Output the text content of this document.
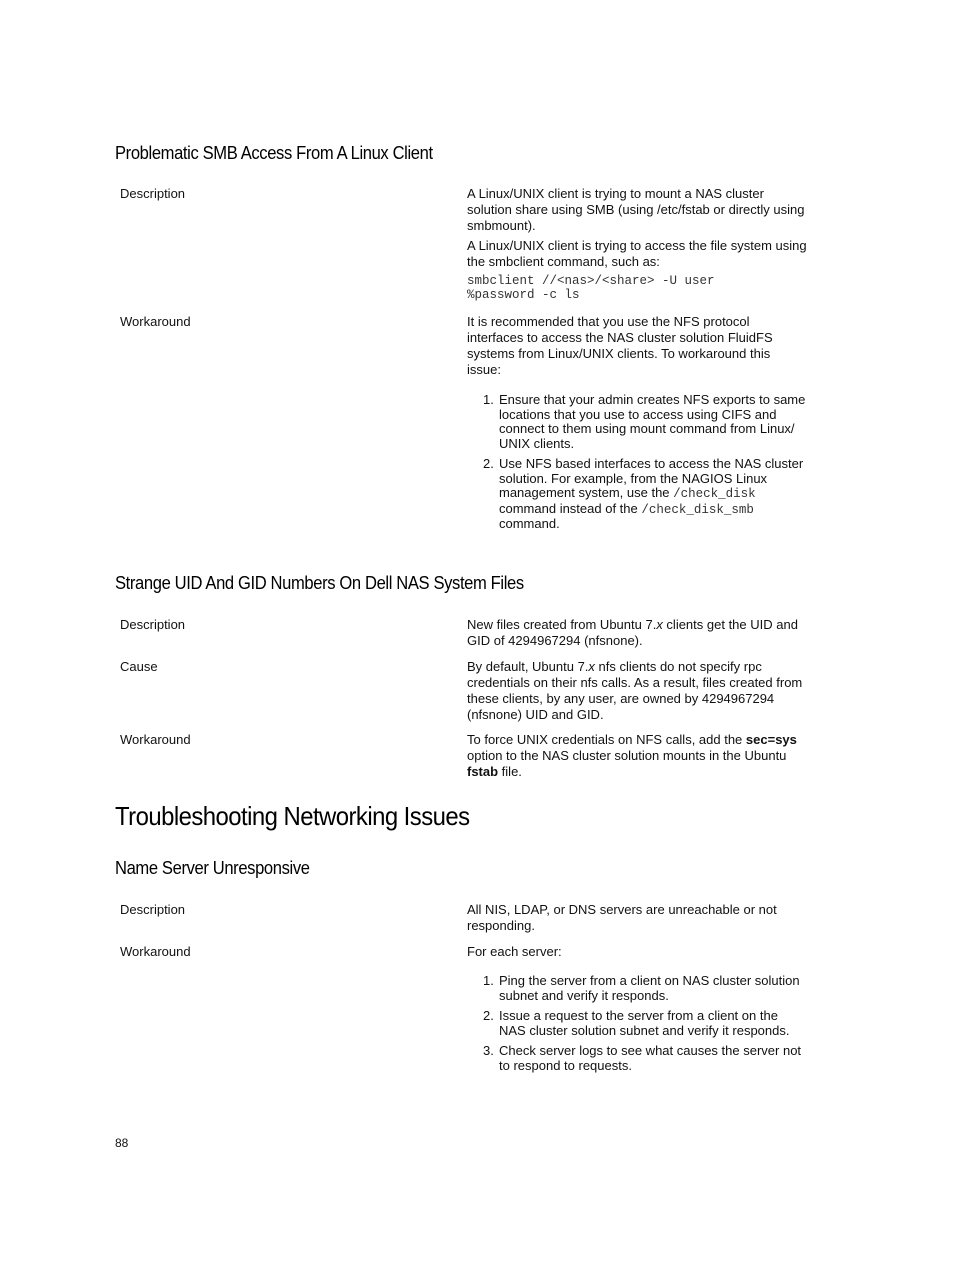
Problematic SMB Access From A Linux Client
Description	A Linux/UNIX client is trying to mount a NAS cluster solution share using SMB (using /etc/fstab or directly using smbmount).

A Linux/UNIX client is trying to access the file system using the smbclient command, such as:

smbclient //<nas>/<share> -U user %password -c ls

Workaround	It is recommended that you use the NFS protocol interfaces to access the NAS cluster solution FluidFS systems from Linux/UNIX clients. To workaround this issue:

1. Ensure that your admin creates NFS exports to same locations that you use to access using CIFS and connect to them using mount command from Linux/ UNIX clients.
2. Use NFS based interfaces to access the NAS cluster solution. For example, from the NAGIOS Linux management system, use the /check_disk command instead of the /check_disk_smb command.
Strange UID And GID Numbers On Dell NAS System Files
Description	New files created from Ubuntu 7.x clients get the UID and GID of 4294967294 (nfsnone).

Cause	By default, Ubuntu 7.x nfs clients do not specify rpc credentials on their nfs calls. As a result, files created from these clients, by any user, are owned by 4294967294 (nfsnone) UID and GID.

Workaround	To force UNIX credentials on NFS calls, add the sec=sys option to the NAS cluster solution mounts in the Ubuntu fstab file.

Troubleshooting Networking Issues
Name Server Unresponsive
Description	All NIS, LDAP, or DNS servers are unreachable or not responding.
Workaround	For each server:
1. Ping the server from a client on NAS cluster solution subnet and verify it responds.
2. Issue a request to the server from a client on the NAS cluster solution subnet and verify it responds.
3. Check server logs to see what causes the server not to respond to requests.
88
